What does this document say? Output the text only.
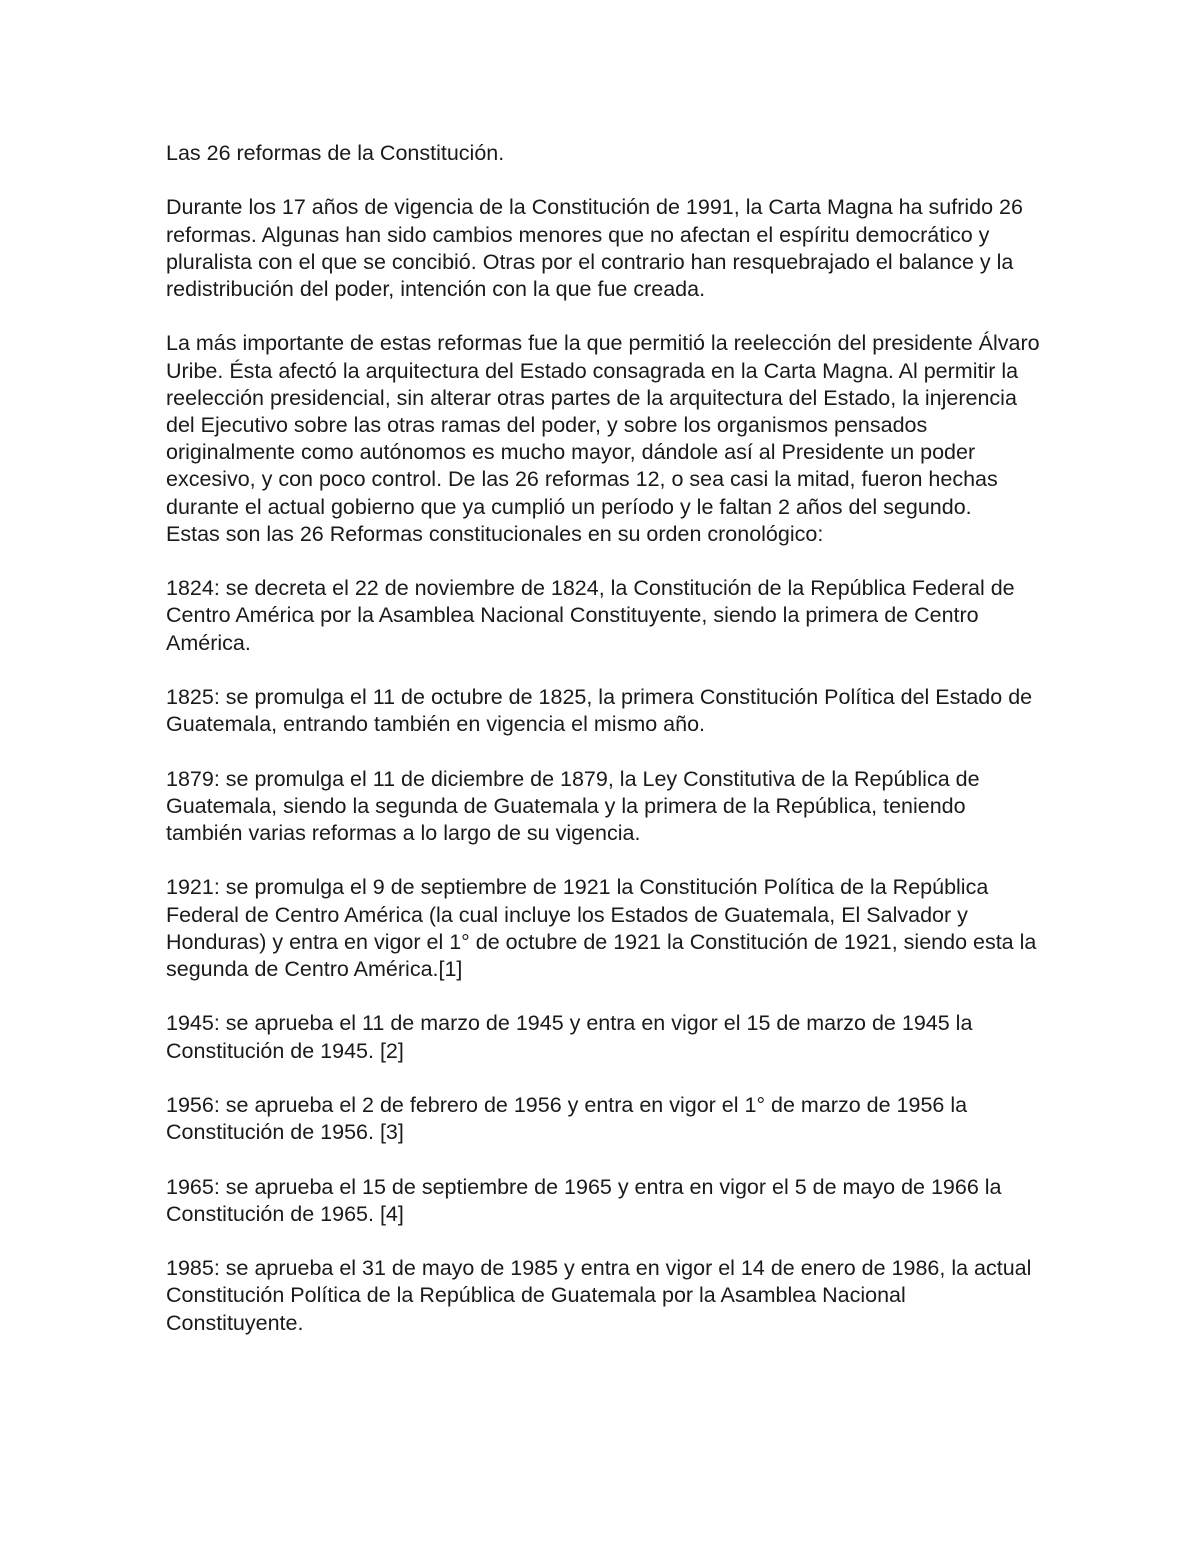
Las 26 reformas de la Constitución.

Durante los 17 años de vigencia de la Constitución de 1991, la Carta Magna ha sufrido 26 reformas. Algunas han sido cambios menores que no afectan el espíritu democrático y pluralista con el que se concibió. Otras por el contrario han resquebrajado el balance y la redistribución del poder, intención con la que fue creada.

La más importante de estas reformas fue la que permitió la reelección del presidente Álvaro Uribe. Ésta afectó la arquitectura del Estado consagrada en la Carta Magna. Al permitir la reelección presidencial, sin alterar otras partes de la arquitectura del Estado, la injerencia del Ejecutivo sobre las otras ramas del poder, y sobre los organismos pensados originalmente como autónomos es mucho mayor, dándole así al Presidente un poder excesivo, y con poco control. De las 26 reformas 12, o sea casi la mitad, fueron hechas durante el actual gobierno que ya cumplió un período y le faltan 2 años del segundo.

Estas son las 26 Reformas constitucionales en su orden cronológico:

1824: se decreta el 22 de noviembre de 1824, la Constitución de la República Federal de Centro América por la Asamblea Nacional Constituyente, siendo la primera de Centro América.

1825: se promulga el 11 de octubre de 1825, la primera Constitución Política del Estado de Guatemala, entrando también en vigencia el mismo año.

1879: se promulga el 11 de diciembre de 1879, la Ley Constitutiva de la República de Guatemala, siendo la segunda de Guatemala y la primera de la República, teniendo también varias reformas a lo largo de su vigencia.

1921: se promulga el 9 de septiembre de 1921 la Constitución Política de la República Federal de Centro América (la cual incluye los Estados de Guatemala, El Salvador y Honduras) y entra en vigor el 1° de octubre de 1921 la Constitución de 1921, siendo esta la segunda de Centro América.[1]

1945: se aprueba el 11 de marzo de 1945 y entra en vigor el 15 de marzo de 1945 la Constitución de 1945. [2]

1956: se aprueba el 2 de febrero de 1956 y entra en vigor el 1° de marzo de 1956 la Constitución de 1956. [3]

1965: se aprueba el 15 de septiembre de 1965 y entra en vigor el 5 de mayo de 1966 la Constitución de 1965. [4]

1985: se aprueba el 31 de mayo de 1985 y entra en vigor el 14 de enero de 1986, la actual Constitución Política de la República de Guatemala por la Asamblea Nacional Constituyente.
